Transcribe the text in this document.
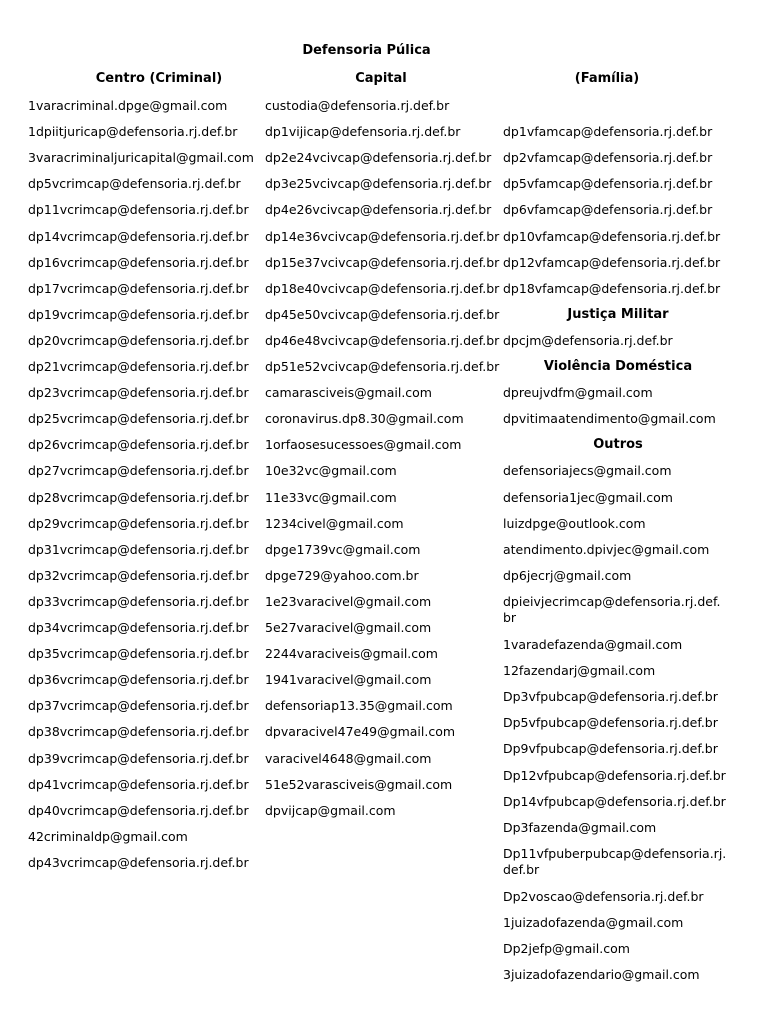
Defensoria Púlica
Centro (Criminal)	Capital	(Família)
1varacriminal.dpge@gmail.com
1dpiitjuricap@defensoria.rj.def.br
3varacriminaljuricapital@gmail.com
dp5vcrimcap@defensoria.rj.def.br
dp11vcrimcap@defensoria.rj.def.br
dp14vcrimcap@defensoria.rj.def.br
dp16vcrimcap@defensoria.rj.def.br
dp17vcrimcap@defensoria.rj.def.br
dp19vcrimcap@defensoria.rj.def.br
dp20vcrimcap@defensoria.rj.def.br
dp21vcrimcap@defensoria.rj.def.br
dp23vcrimcap@defensoria.rj.def.br
dp25vcrimcap@defensoria.rj.def.br
dp26vcrimcap@defensoria.rj.def.br
dp27vcrimcap@defensoria.rj.def.br
dp28vcrimcap@defensoria.rj.def.br
dp29vcrimcap@defensoria.rj.def.br
dp31vcrimcap@defensoria.rj.def.br
dp32vcrimcap@defensoria.rj.def.br
dp33vcrimcap@defensoria.rj.def.br
dp34vcrimcap@defensoria.rj.def.br
dp35vcrimcap@defensoria.rj.def.br
dp36vcrimcap@defensoria.rj.def.br
dp37vcrimcap@defensoria.rj.def.br
dp38vcrimcap@defensoria.rj.def.br
dp39vcrimcap@defensoria.rj.def.br
dp41vcrimcap@defensoria.rj.def.br
dp40vcrimcap@defensoria.rj.def.br
42criminaldp@gmail.com
dp43vcrimcap@defensoria.rj.def.br
custodia@defensoria.rj.def.br
dp1vijicap@defensoria.rj.def.br
dp2e24vcivcap@defensoria.rj.def.br
dp3e25vcivcap@defensoria.rj.def.br
dp4e26vcivcap@defensoria.rj.def.br
dp14e36vcivcap@defensoria.rj.def.br
dp15e37vcivcap@defensoria.rj.def.br
dp18e40vcivcap@defensoria.rj.def.br
dp45e50vcivcap@defensoria.rj.def.br
dp46e48vcivcap@defensoria.rj.def.br
dp51e52vcivcap@defensoria.rj.def.br
camarasciveis@gmail.com
coronavirus.dp8.30@gmail.com
1orfaosesucessoes@gmail.com
10e32vc@gmail.com
11e33vc@gmail.com
1234civel@gmail.com
dpge1739vc@gmail.com
dpge729@yahoo.com.br
1e23varacivel@gmail.com
5e27varacivel@gmail.com
2244varaciveis@gmail.com
1941varacivel@gmail.com
defensoriap13.35@gmail.com
dpvaracivel47e49@gmail.com
varacivel4648@gmail.com
51e52varasciveis@gmail.com
dpvijcap@gmail.com
dp1vfamcap@defensoria.rj.def.br
dp2vfamcap@defensoria.rj.def.br
dp5vfamcap@defensoria.rj.def.br
dp6vfamcap@defensoria.rj.def.br
dp10vfamcap@defensoria.rj.def.br
dp12vfamcap@defensoria.rj.def.br
dp18vfamcap@defensoria.rj.def.br
Justiça Militar
dpcjm@defensoria.rj.def.br
Violência Doméstica
dpreujvdfm@gmail.com
dpvitimaatendimento@gmail.com
Outros
defensoriajecs@gmail.com
defensoria1jec@gmail.com
luizdpge@outlook.com
atendimento.dpivjec@gmail.com
dp6jecrj@gmail.com
dpieivjecrimcap@defensoria.rj.def.br
1varadefazenda@gmail.com
12fazendarj@gmail.com
Dp3vfpubcap@defensoria.rj.def.br
Dp5vfpubcap@defensoria.rj.def.br
Dp9vfpubcap@defensoria.rj.def.br
Dp12vfpubcap@defensoria.rj.def.br
Dp14vfpubcap@defensoria.rj.def.br
Dp3fazenda@gmail.com
Dp11vfpuberpubcap@defensoria.rj.def.br
Dp2voscao@defensoria.rj.def.br
1juizadofazenda@gmail.com
Dp2jefp@gmail.com
3juizadofazendario@gmail.com
